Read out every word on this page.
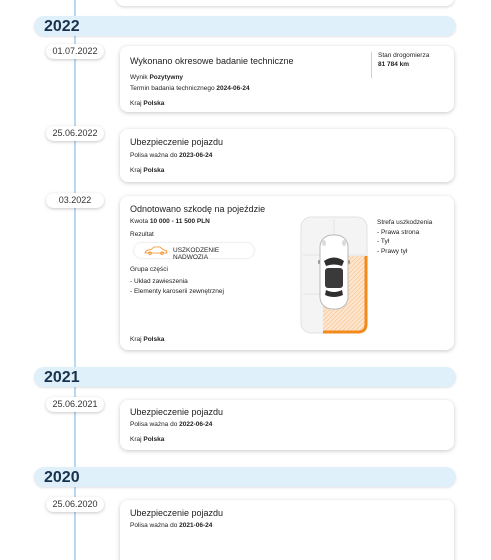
2022
01.07.2022
Wykonano okresowe badanie techniczne
Wynik Pozytywny
Termin badania technicznego 2024-06-24
Kraj Polska
Stan drogomierza
81 784 km
25.06.2022
Ubezpieczenie pojazdu
Polisa ważna do 2023-06-24
Kraj Polska
03.2022
Odnotowano szkodę na pojeździe
Kwota 10 000 - 11 500 PLN
Rezultat
USZKODZENIE NADWOZIA
Grupa części
- Układ zawieszenia
- Elementy karoserii zewnętrznej
Strefa uszkodzenia
- Prawa strona
- Tył
- Prawy tył
Kraj Polska
2021
25.06.2021
Ubezpieczenie pojazdu
Polisa ważna do 2022-06-24
Kraj Polska
2020
25.06.2020
Ubezpieczenie pojazdu
Polisa ważna do 2021-06-24
